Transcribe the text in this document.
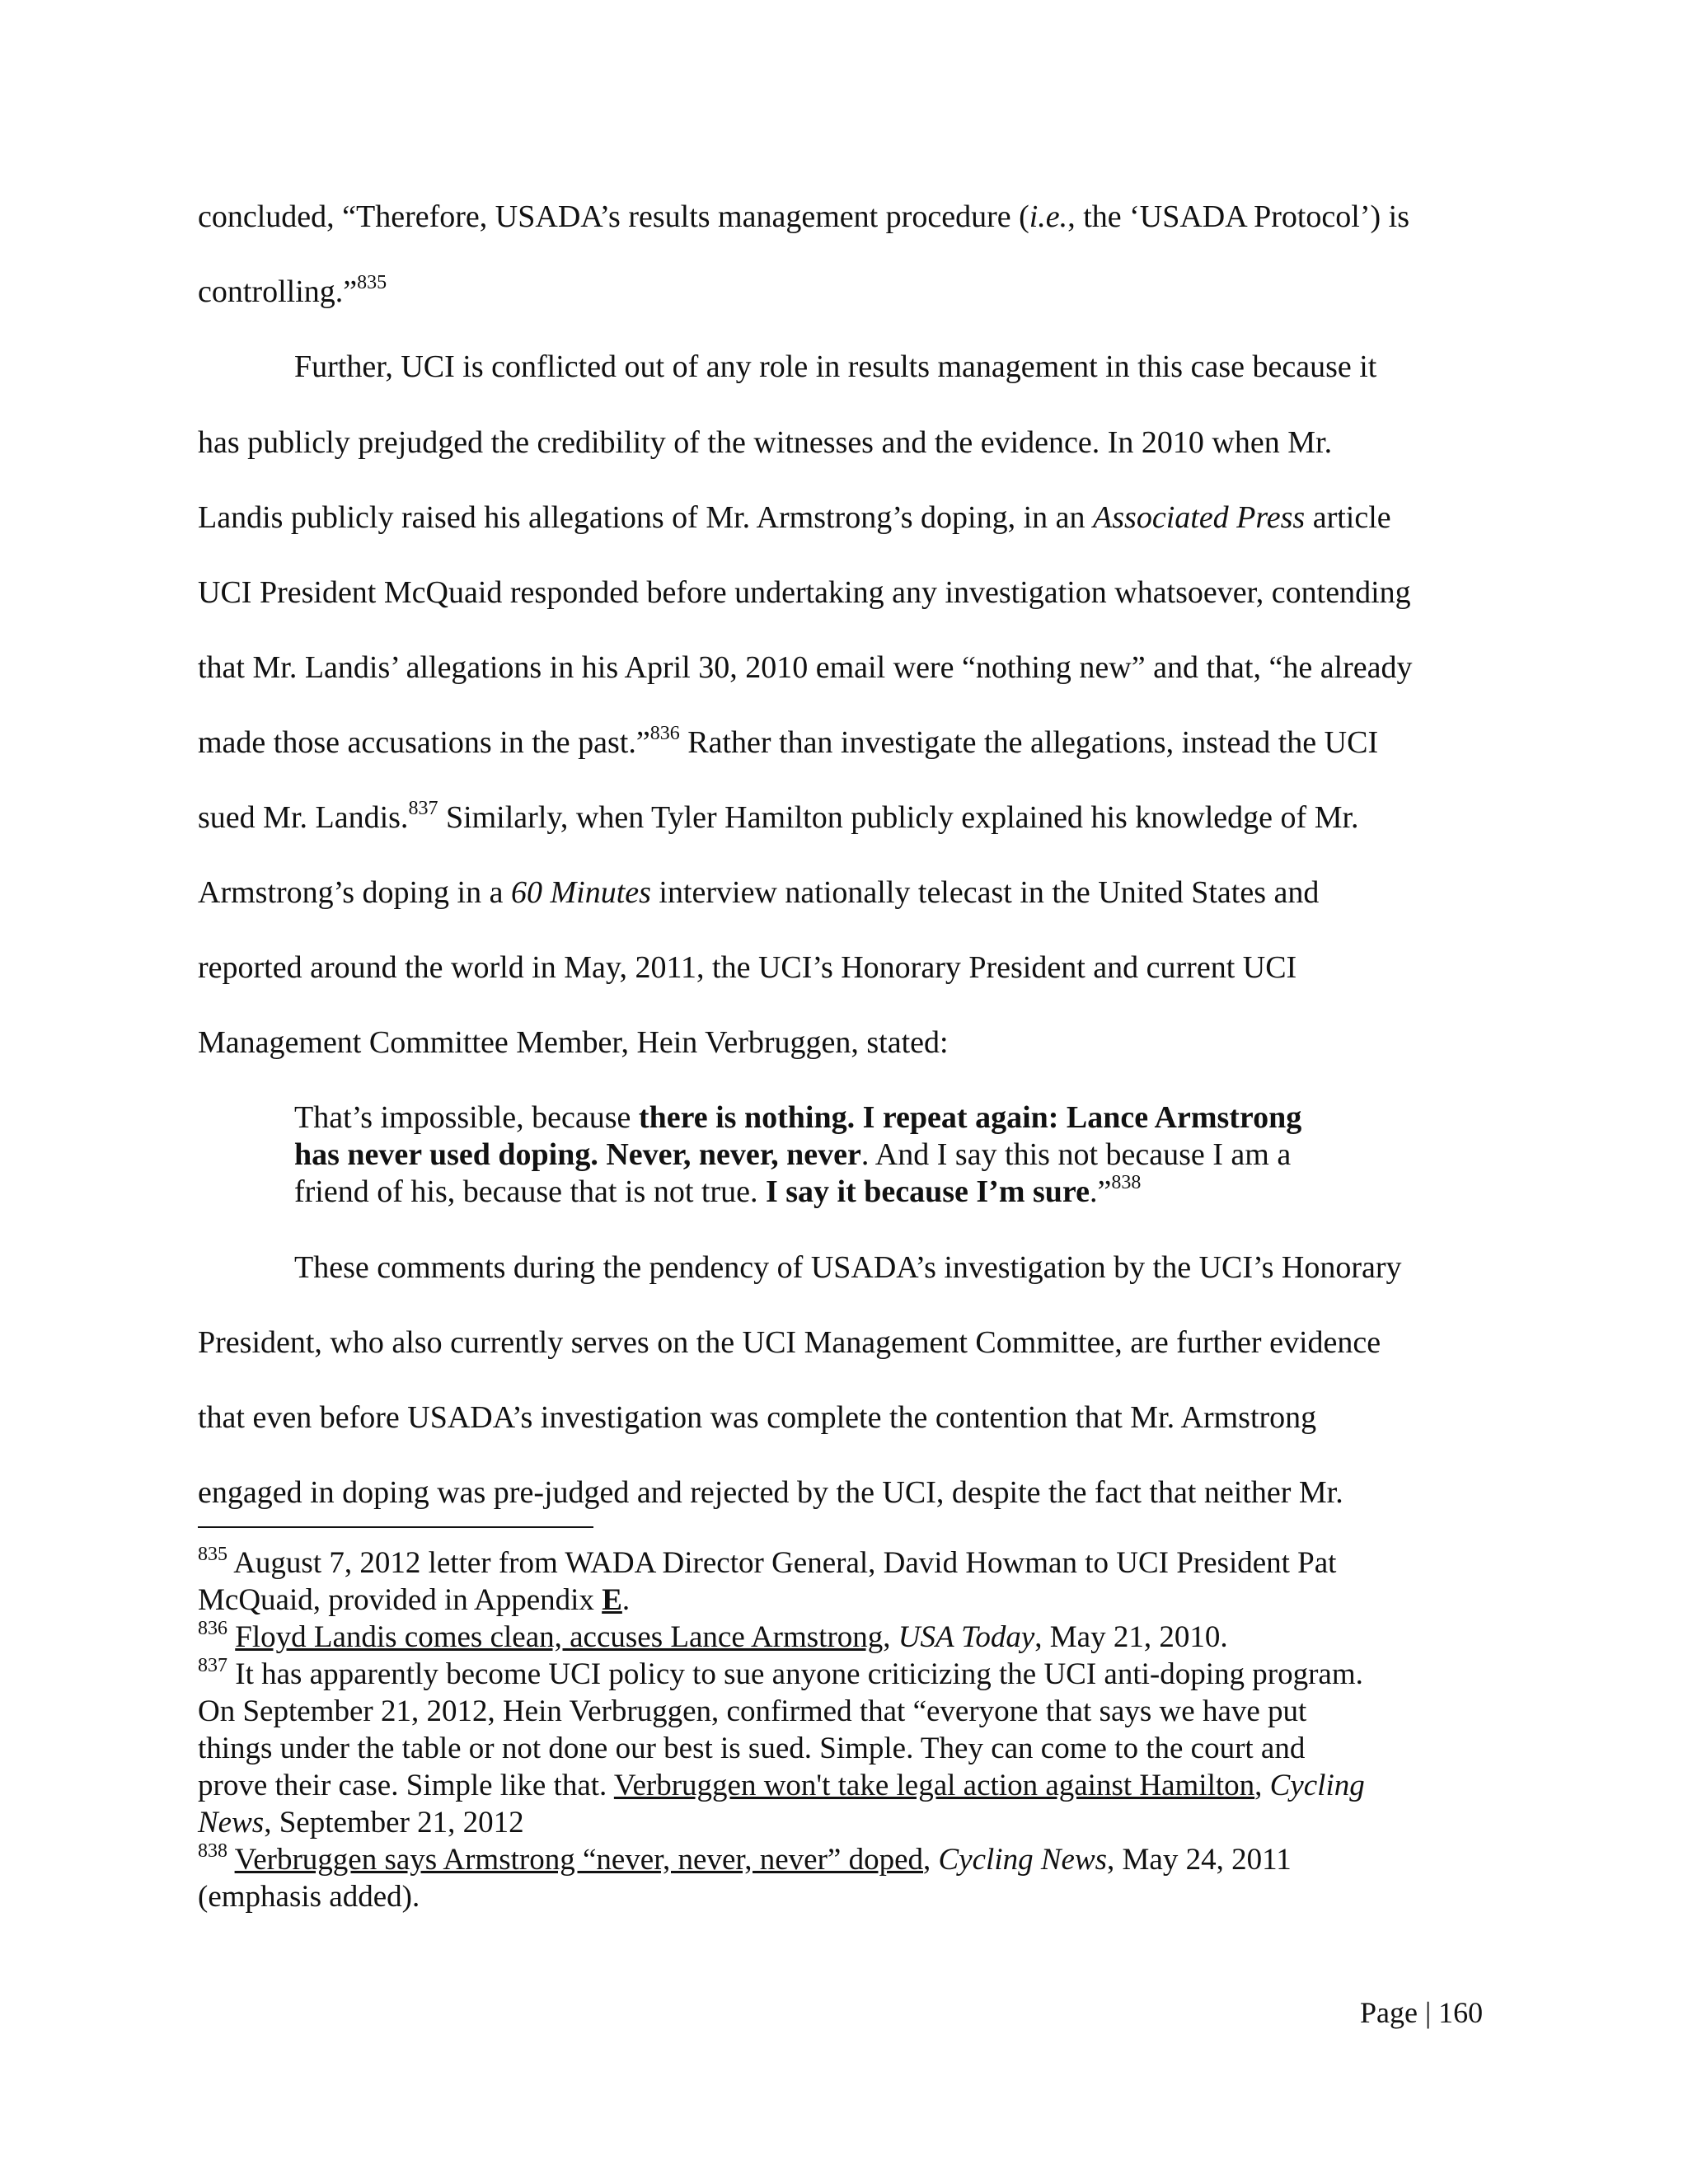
concluded, “Therefore, USADA’s results management procedure (i.e., the ‘USADA Protocol’) is
controlling.”$^{835}$
Further, UCI is conflicted out of any role in results management in this case because it
has publicly prejudged the credibility of the witnesses and the evidence. In 2010 when Mr.
Landis publicly raised his allegations of Mr. Armstrong’s doping, in an Associated Press article
UCI President McQuaid responded before undertaking any investigation whatsoever, contending
that Mr. Landis’ allegations in his April 30, 2010 email were “nothing new” and that, “he already
made those accusations in the past.”$^{836}$ Rather than investigate the allegations, instead the UCI
sued Mr. Landis.$^{837}$ Similarly, when Tyler Hamilton publicly explained his knowledge of Mr.
Armstrong’s doping in a 60 Minutes interview nationally telecast in the United States and
reported around the world in May, 2011, the UCI’s Honorary President and current UCI
Management Committee Member, Hein Verbruggen, stated:
That’s impossible, because there is nothing. I repeat again: Lance Armstrong
has never used doping. Never, never, never. And I say this not because I am a
friend of his, because that is not true. I say it because I’m sure.”$^{838}$
These comments during the pendency of USADA’s investigation by the UCI’s Honorary
President, who also currently serves on the UCI Management Committee, are further evidence
that even before USADA’s investigation was complete the contention that Mr. Armstrong
engaged in doping was pre-judged and rejected by the UCI, despite the fact that neither Mr.
$^{835}$ August 7, 2012 letter from WADA Director General, David Howman to UCI President Pat
McQuaid, provided in Appendix E.
$^{836}$ Floyd Landis comes clean, accuses Lance Armstrong, USA Today, May 21, 2010.
$^{837}$ It has apparently become UCI policy to sue anyone criticizing the UCI anti-doping program.
On September 21, 2012, Hein Verbruggen, confirmed that “everyone that says we have put
things under the table or not done our best is sued. Simple. They can come to the court and
prove their case. Simple like that. Verbruggen won't take legal action against Hamilton, Cycling
News, September 21, 2012
$^{838}$ Verbruggen says Armstrong “never, never, never” doped, Cycling News, May 24, 2011
(emphasis added).
Page | 160
